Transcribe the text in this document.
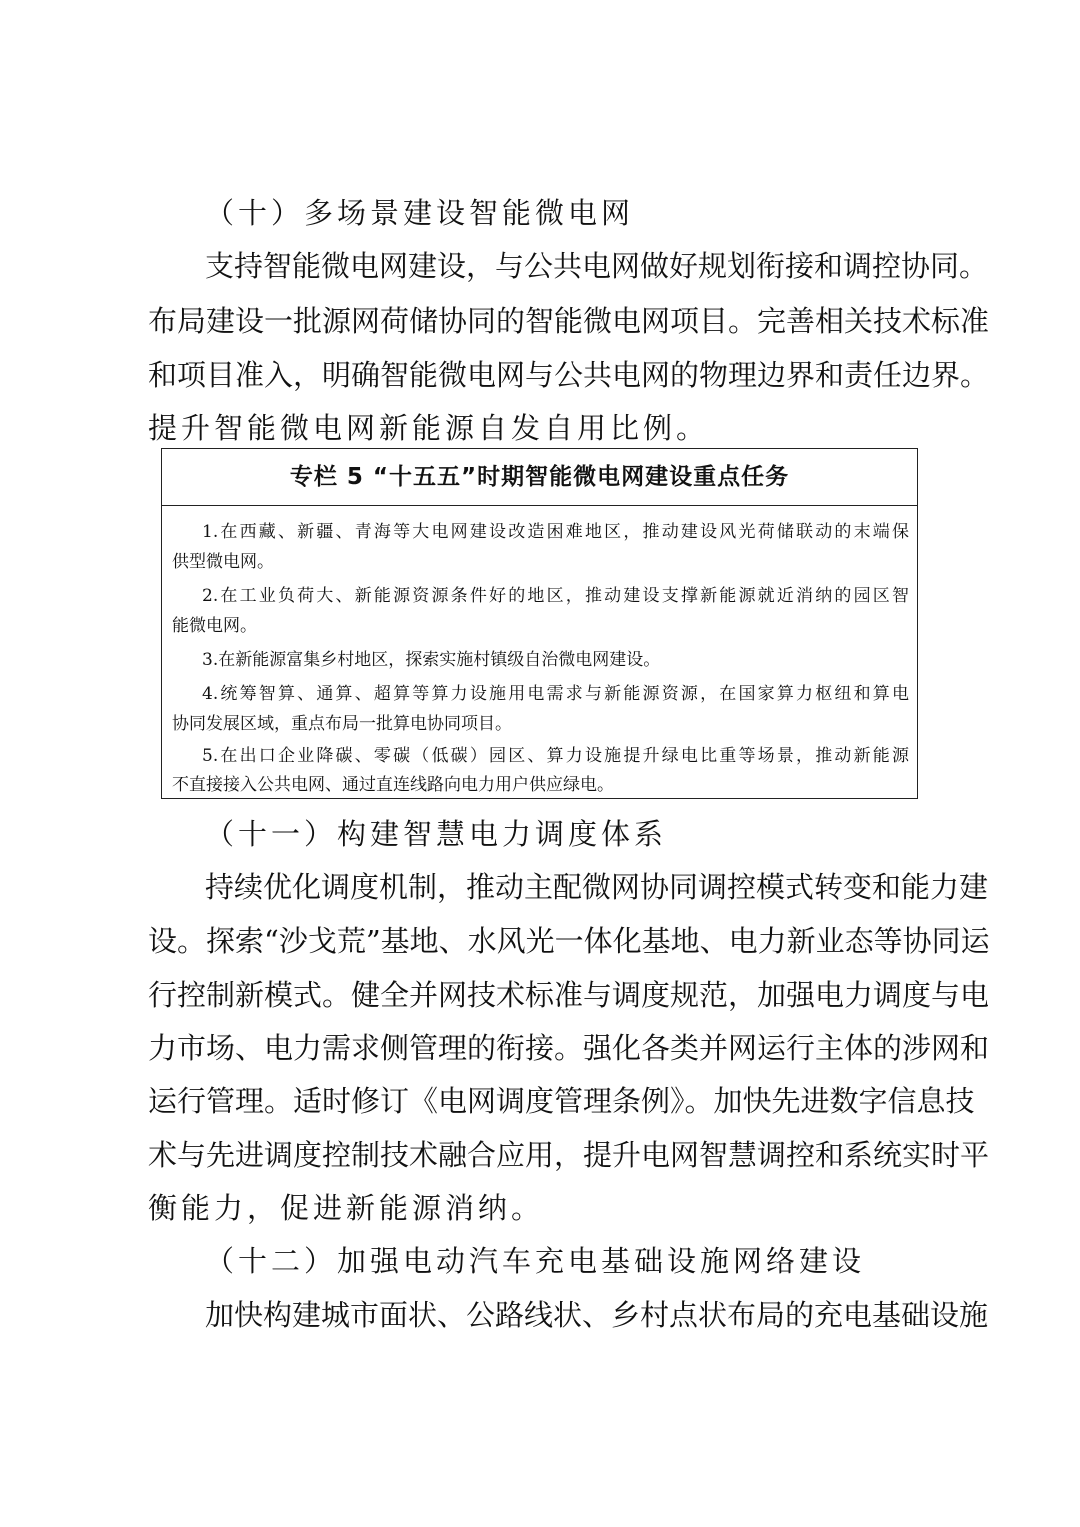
（十）多场景建设智能微电网
支持智能微电网建设，与公共电网做好规划衔接和调控协同。
布局建设一批源网荷储协同的智能微电网项目。完善相关技术标准
和项目准入，明确智能微电网与公共电网的物理边界和责任边界。
提升智能微电网新能源自发自用比例。
专栏 5 “十五五”时期智能微电网建设重点任务
1.在西藏、新疆、青海等大电网建设改造困难地区，推动建设风光荷储联动的末端保
供型微电网。
2.在工业负荷大、新能源资源条件好的地区，推动建设支撑新能源就近消纳的园区智
能微电网。
3.在新能源富集乡村地区，探索实施村镇级自治微电网建设。
4.统筹智算、通算、超算等算力设施用电需求与新能源资源，在国家算力枢纽和算电
协同发展区域，重点布局一批算电协同项目。
5.在出口企业降碳、零碳（低碳）园区、算力设施提升绿电比重等场景，推动新能源
不直接接入公共电网、通过直连线路向电力用户供应绿电。
（十一）构建智慧电力调度体系
持续优化调度机制，推动主配微网协同调控模式转变和能力建
设。探索“沙戈荒”基地、水风光一体化基地、电力新业态等协同运
行控制新模式。健全并网技术标准与调度规范，加强电力调度与电
力市场、电力需求侧管理的衔接。强化各类并网运行主体的涉网和
运行管理。适时修订《电网调度管理条例》。加快先进数字信息技
术与先进调度控制技术融合应用，提升电网智慧调控和系统实时平
衡能力，促进新能源消纳。
（十二）加强电动汽车充电基础设施网络建设
加快构建城市面状、公路线状、乡村点状布局的充电基础设施
